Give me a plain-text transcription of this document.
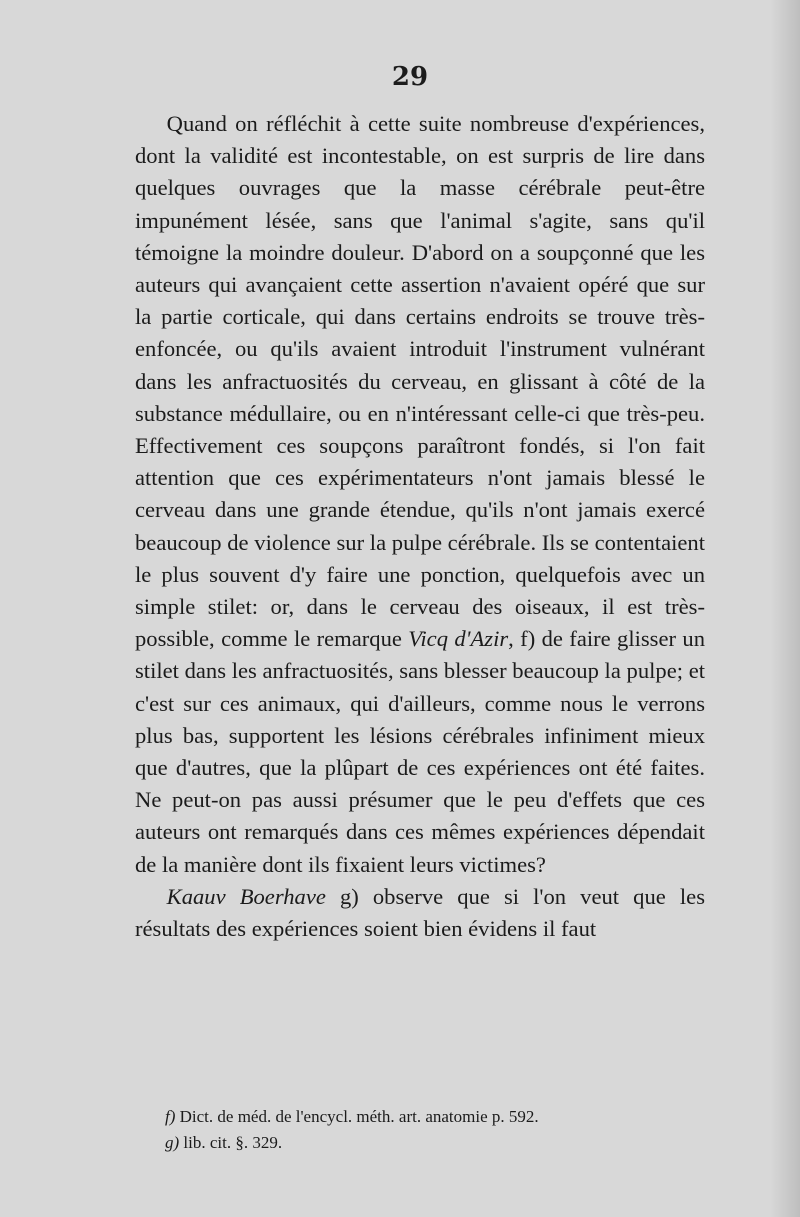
29

Quand on réfléchit à cette suite nombreuse d'expériences, dont la validité est incontestable, on est surpris de lire dans quelques ouvrages que la masse cérébrale peut-être impunément lésée, sans que l'animal s'agite, sans qu'il témoigne la moindre douleur. D'abord on a soupçonné que les auteurs qui avançaient cette assertion n'avaient opéré que sur la partie corticale, qui dans certains endroits se trouve très-enfoncée, ou qu'ils avaient introduit l'instrument vulnérant dans les anfractuosités du cerveau, en glissant à côté de la substance médullaire, ou en n'intéressant celle-ci que très-peu. Effectivement ces soupçons paraîtront fondés, si l'on fait attention que ces expérimentateurs n'ont jamais blessé le cerveau dans une grande étendue, qu'ils n'ont jamais exercé beaucoup de violence sur la pulpe cérébrale. Ils se contentaient le plus souvent d'y faire une ponction, quelquefois avec un simple stilet: or, dans le cerveau des oiseaux, il est très-possible, comme le remarque Vicq d'Azir, f) de faire glisser un stilet dans les anfractuosités, sans blesser beaucoup la pulpe; et c'est sur ces animaux, qui d'ailleurs, comme nous le verrons plus bas, supportent les lésions cérébrales infiniment mieux que d'autres, que la plûpart de ces expériences ont été faites. Ne peut-on pas aussi présumer que le peu d'effets que ces auteurs ont remarqués dans ces mêmes expériences dépendait de la manière dont ils fixaient leurs victimes?

Kaauv Boerhave g) observe que si l'on veut que les résultats des expériences soient bien évidens il faut

f) Dict. de méd. de l'encycl. méth. art. anatomie p. 592.

g) lib. cit. §. 329.
